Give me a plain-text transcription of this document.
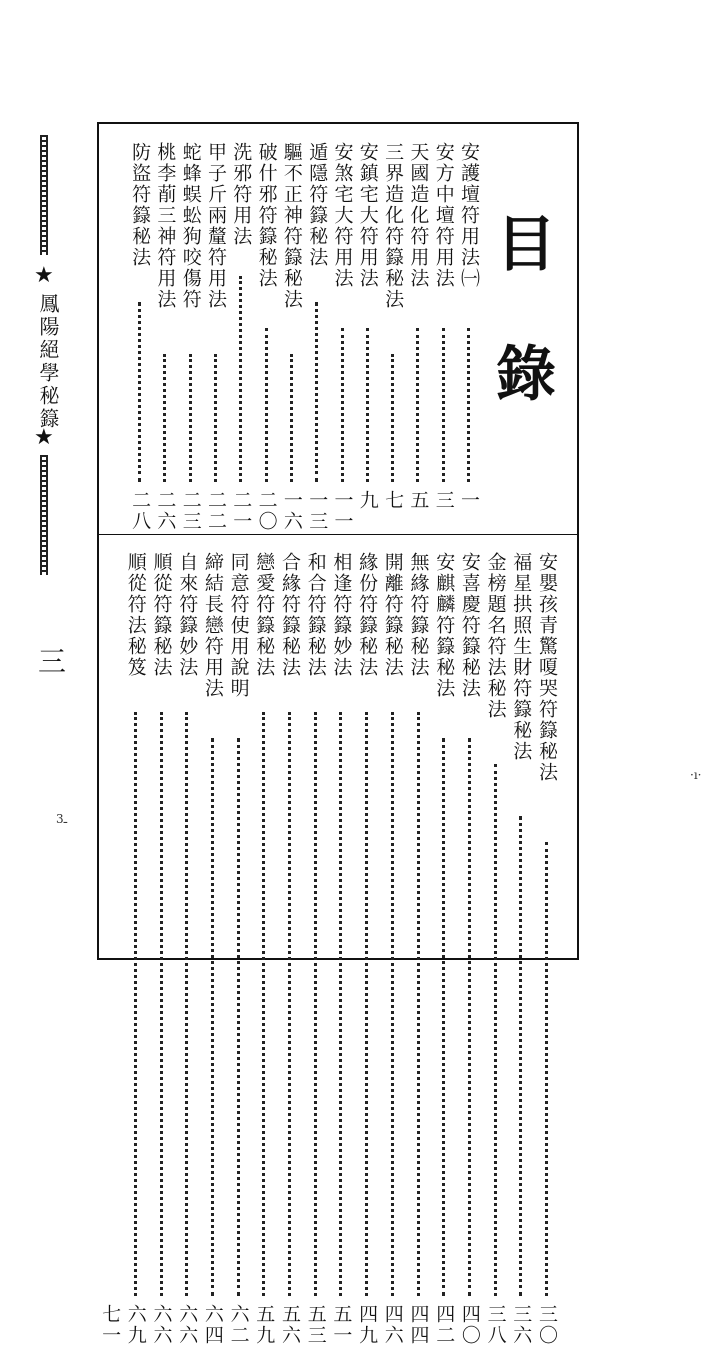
★
鳳陽絕學秘籙
★
三
目錄
安護壇符用法㈠
一
安方中壇符用法
三
天國造化符用法
五
三界造化符籙秘法
七
安鎮宅大符用法
九
安煞宅大符用法
一一
遁隱符籙秘法
一三
驅不正神符籙秘法
一六
破什邪符籙秘法
二〇
洗邪符用法
二一
甲子斤兩釐符用法
二二
蛇蜂蜈蚣狗咬傷符
二三
桃李萷三神符用法
二六
防盜符籙秘法
二八
安嬰孩青驚嗄哭符籙秘法
三〇
福星拱照生財符籙秘法
三六
金榜題名符法秘法
三八
安喜慶符籙秘法
四〇
安麒麟符籙秘法
四二
無緣符籙秘法
四四
開離符籙秘法
四六
緣份符籙秘法
四九
相逢符籙妙法
五一
和合符籙秘法
五三
合緣符籙秘法
五六
戀愛符籙秘法
五九
同意符使用說明
六二
締結長戀符用法
六四
自來符籙妙法
六六
順從符籙秘法
六六
順從符法秘笈
六九
七一
ـ3
·ı·
